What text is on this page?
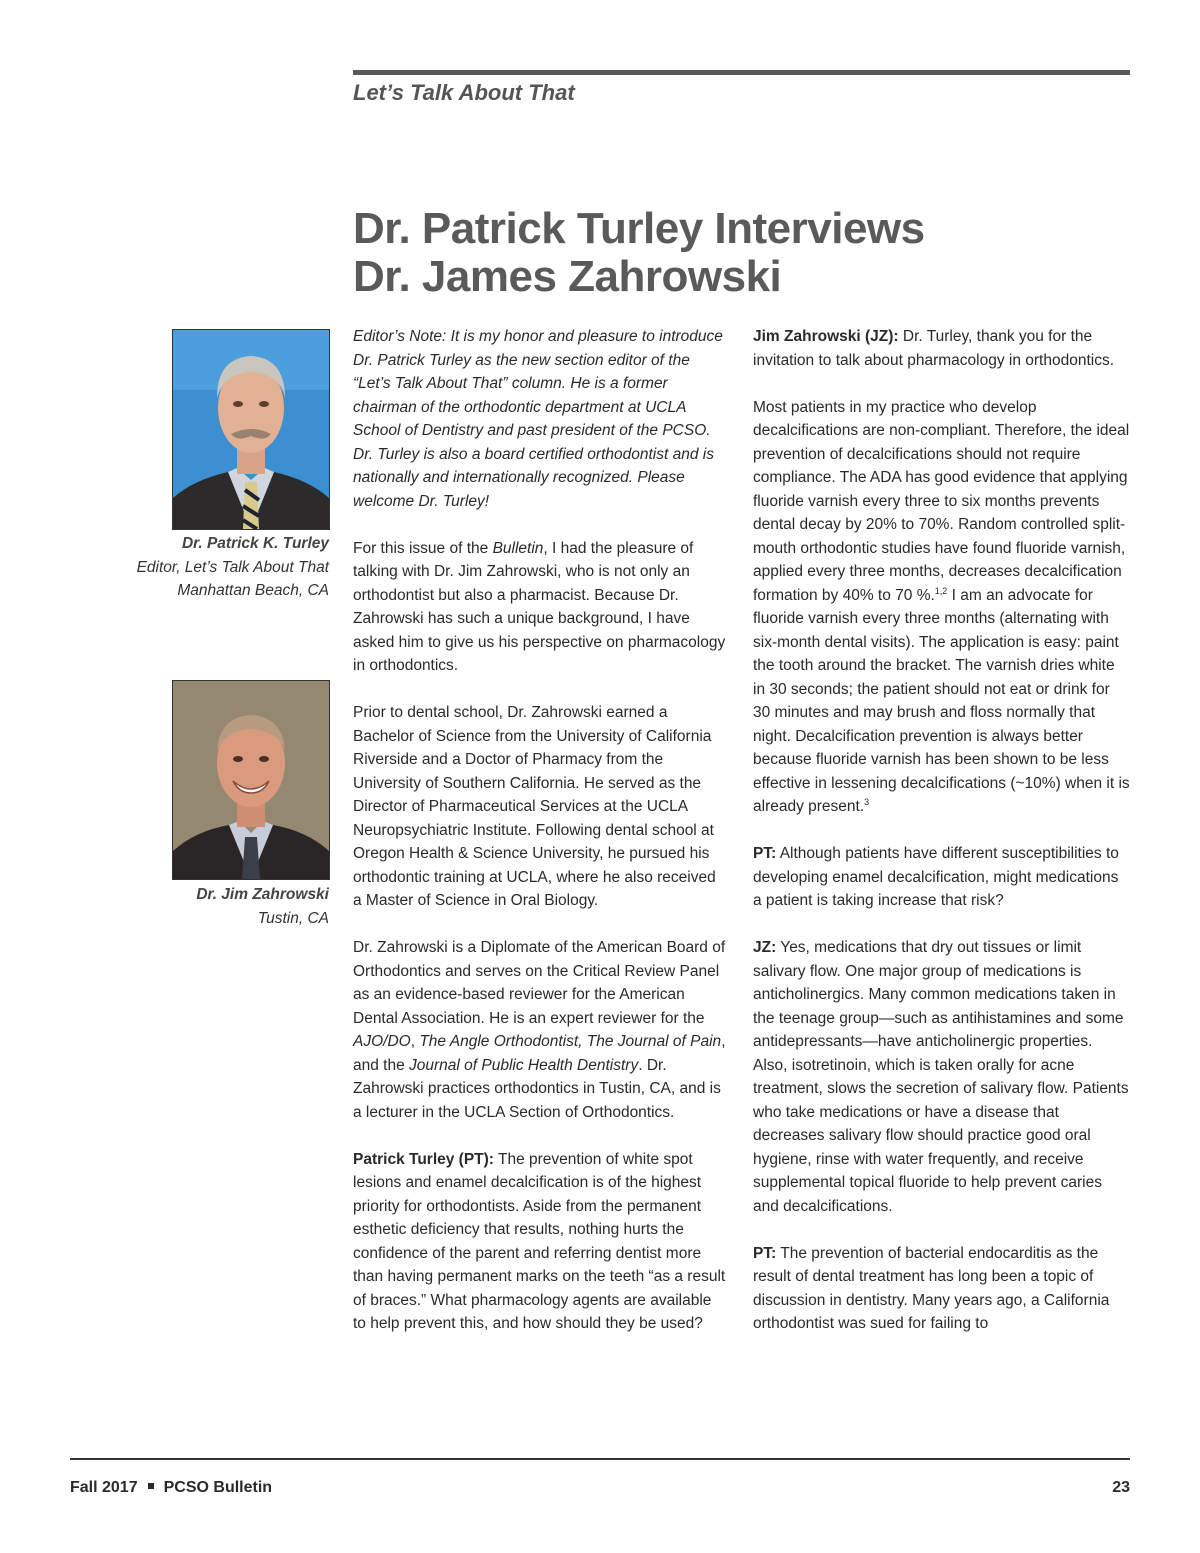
Let’s Talk About That
Dr. Patrick Turley Interviews
Dr. James Zahrowski
Dr. Patrick K. Turley
Editor, Let’s Talk About That
Manhattan Beach, CA
Dr. Jim Zahrowski
Tustin, CA

Editor’s Note: It is my honor and pleasure to introduce Dr. Patrick Turley as the new section editor of the “Let’s Talk About That” column. He is a former chairman of the orthodontic department at UCLA School of Dentistry and past president of the PCSO. Dr. Turley is also a board certified orthodontist and is nationally and internationally recognized. Please welcome Dr. Turley!

For this issue of the Bulletin, I had the pleasure of talking with Dr. Jim Zahrowski, who is not only an orthodontist but also a pharmacist. Because Dr. Zahrowski has such a unique background, I have asked him to give us his perspective on pharmacology in orthodontics.

Prior to dental school, Dr. Zahrowski earned a Bachelor of Science from the University of California Riverside and a Doctor of Pharmacy from the University of Southern California. He served as the Director of Pharmaceutical Services at the UCLA Neuropsychiatric Institute. Following dental school at Oregon Health & Science University, he pursued his orthodontic training at UCLA, where he also received a Master of Science in Oral Biology.

Dr. Zahrowski is a Diplomate of the American Board of Orthodontics and serves on the Critical Review Panel as an evidence-based reviewer for the American Dental Association. He is an expert reviewer for the AJO/DO, The Angle Orthodontist, The Journal of Pain, and the Journal of Public Health Dentistry. Dr. Zahrowski practices orthodontics in Tustin, CA, and is a lecturer in the UCLA Section of Orthodontics.

Patrick Turley (PT): The prevention of white spot lesions and enamel decalcification is of the highest priority for orthodontists. Aside from the permanent esthetic deficiency that results, nothing hurts the confidence of the parent and referring dentist more than having permanent marks on the teeth “as a result of braces.” What pharmacology agents are available to help prevent this, and how should they be used?

Jim Zahrowski (JZ): Dr. Turley, thank you for the invitation to talk about pharmacology in orthodontics.

Most patients in my practice who develop decalcifications are non-compliant. Therefore, the ideal prevention of decalcifications should not require compliance. The ADA has good evidence that applying fluoride varnish every three to six months prevents dental decay by 20% to 70%. Random controlled split-mouth orthodontic studies have found fluoride varnish, applied every three months, decreases decalcification formation by 40% to 70 %.$^{1,2}$ I am an advocate for fluoride varnish every three months (alternating with six-month dental visits). The application is easy: paint the tooth around the bracket. The varnish dries white in 30 seconds; the patient should not eat or drink for 30 minutes and may brush and floss normally that night. Decalcification prevention is always better because fluoride varnish has been shown to be less effective in lessening decalcifications (~10%) when it is already present.$^3$

PT: Although patients have different susceptibilities to developing enamel decalcification, might medications a patient is taking increase that risk?

JZ: Yes, medications that dry out tissues or limit salivary flow. One major group of medications is anticholinergics. Many common medications taken in the teenage group—such as antihistamines and some antidepressants—have anticholinergic properties. Also, isotretinoin, which is taken orally for acne treatment, slows the secretion of salivary flow. Patients who take medications or have a disease that decreases salivary flow should practice good oral hygiene, rinse with water frequently, and receive supplemental topical fluoride to help prevent caries and decalcifications.

PT: The prevention of bacterial endocarditis as the result of dental treatment has long been a topic of discussion in dentistry. Many years ago, a California orthodontist was sued for failing to

Fall 2017 PCSO Bulletin	23
